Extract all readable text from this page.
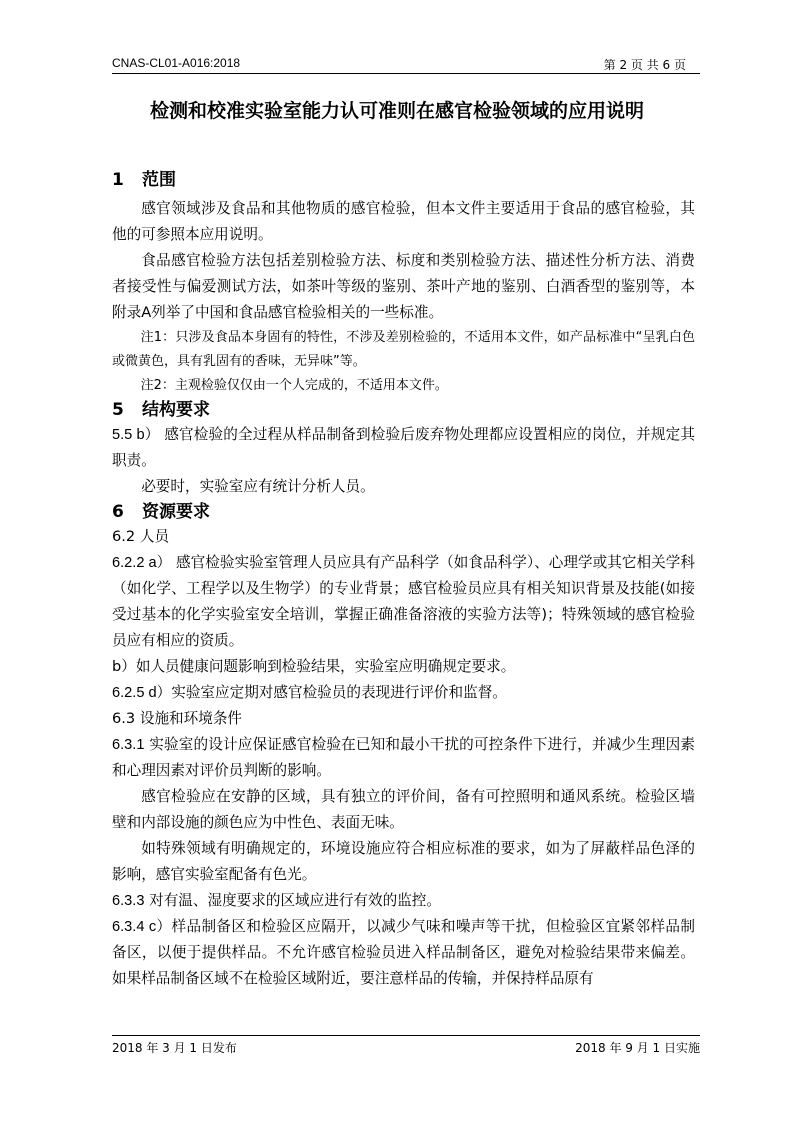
CNAS-CL01-A016:2018	第 2 页 共 6 页
检测和校准实验室能力认可准则在感官检验领域的应用说明
1 范围

感官领域涉及食品和其他物质的感官检验，但本文件主要适用于食品的感官检验，其他的可参照本应用说明。

食品感官检验方法包括差别检验方法、标度和类别检验方法、描述性分析方法、消费者接受性与偏爱测试方法，如茶叶等级的鉴别、茶叶产地的鉴别、白酒香型的鉴别等，本附录A列举了中国和食品感官检验相关的一些标准。

注1：只涉及食品本身固有的特性，不涉及差别检验的，不适用本文件，如产品标准中“呈乳白色或微黄色，具有乳固有的香味，无异味”等。

注2：主观检验仅仅由一个人完成的，不适用本文件。

5 结构要求

5.5 b） 感官检验的全过程从样品制备到检验后废弃物处理都应设置相应的岗位，并规定其职责。

必要时，实验室应有统计分析人员。

6 资源要求

6.2 人员

6.2.2 a） 感官检验实验室管理人员应具有产品科学（如食品科学）、心理学或其它相关学科（如化学、工程学以及生物学）的专业背景；感官检验员应具有相关知识背景及技能(如接受过基本的化学实验室安全培训，掌握正确准备溶液的实验方法等)；特殊领域的感官检验员应有相应的资质。

b）如人员健康问题影响到检验结果，实验室应明确规定要求。

6.2.5 d）实验室应定期对感官检验员的表现进行评价和监督。

6.3 设施和环境条件

6.3.1 实验室的设计应保证感官检验在已知和最小干扰的可控条件下进行，并减少生理因素和心理因素对评价员判断的影响。

感官检验应在安静的区域，具有独立的评价间，备有可控照明和通风系统。检验区墙壁和内部设施的颜色应为中性色、表面无味。

如特殊领域有明确规定的，环境设施应符合相应标准的要求，如为了屏蔽样品色泽的影响，感官实验室配备有色光。

6.3.3 对有温、湿度要求的区域应进行有效的监控。

6.3.4 c）样品制备区和检验区应隔开，以减少气味和噪声等干扰，但检验区宜紧邻样品制备区，以便于提供样品。不允许感官检验员进入样品制备区，避免对检验结果带来偏差。如果样品制备区域不在检验区域附近，要注意样品的传输，并保持样品原有

2018 年 3 月 1 日发布	2018 年 9 月 1 日实施
